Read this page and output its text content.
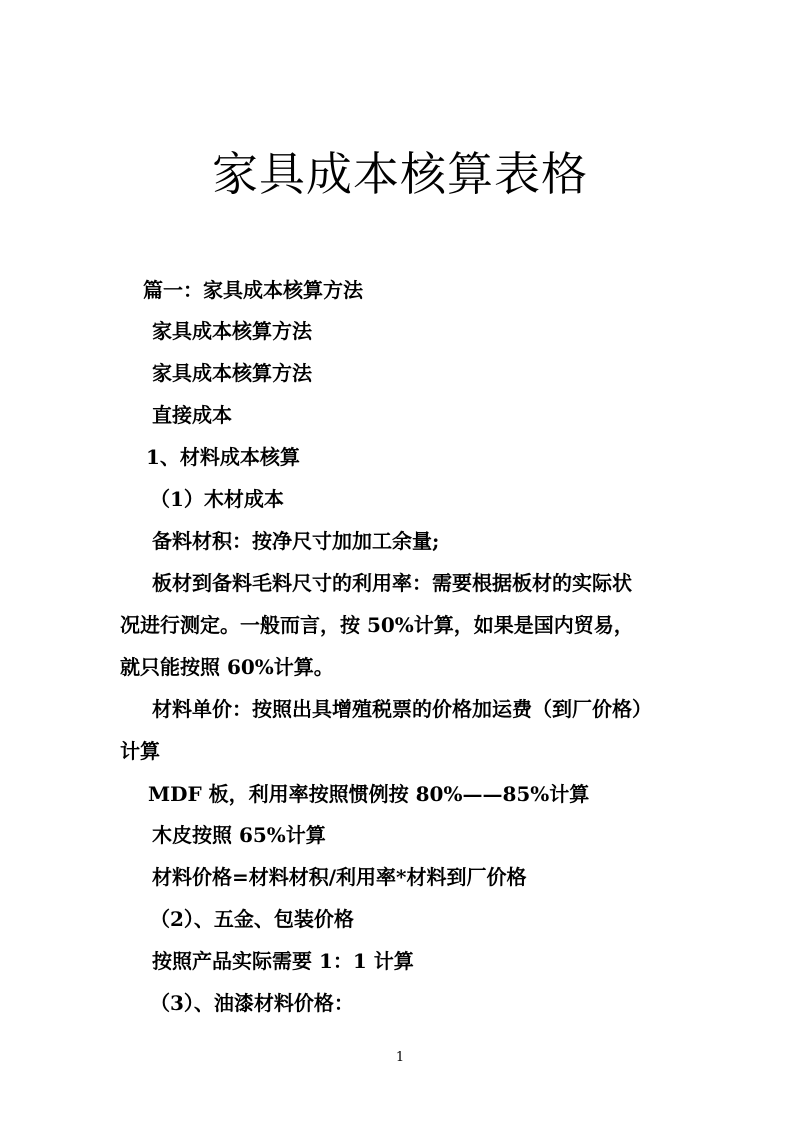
家具成本核算表格

篇一：家具成本核算方法

家具成本核算方法

家具成本核算方法

直接成本

1、材料成本核算

（1）木材成本

备料材积：按净尺寸加加工余量;

板材到备料毛料尺寸的利用率：需要根据板材的实际状

况进行测定。一般而言，按 50%计算，如果是国内贸易，

就只能按照 60%计算。

材料单价：按照出具增殖税票的价格加运费（到厂价格）

计算

MDF 板，利用率按照惯例按 80%——85%计算

木皮按照 65%计算

材料价格=材料材积/利用率*材料到厂价格

（2）、五金、包装价格

按照产品实际需要 1：1 计算

（3）、油漆材料价格：

1
